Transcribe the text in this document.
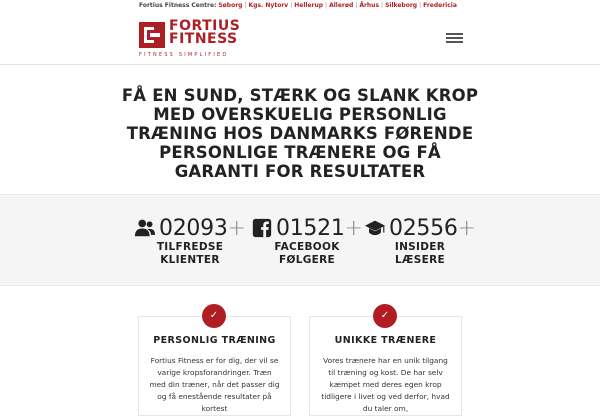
Fortius Fitness Centre: Søborg | Kgs. Nytorv | Hellerup | Allerød | Århus | Silkeborg | Fredericia
FORTIUS
FITNESS
FITNESS SIMPLIFIED
FÅ EN SUND, STÆRK OG SLANK KROP MED OVERSKUELIG PERSONLIG TRÆNING HOS DANMARKS FØRENDE PERSONLIGE TRÆNERE OG FÅ GARANTI FOR RESULTATER
02093 +
TILFREDSE
KLIENTER
01521 +
FACEBOOK
FØLGERE
02556 +
INSIDER
LÆSERE
✓
PERSONLIG TRÆNING
Fortius Fitness er for dig, der vil se varige kropsforandringer. Træn med din træner, når det passer dig og få enestående resultater på kortest
✓
UNIKKE TRÆNERE
Vores trænere har en unik tilgang til træning og kost. De har selv kæmpet med deres egen krop tidligere i livet og ved derfor, hvad du taler om,
